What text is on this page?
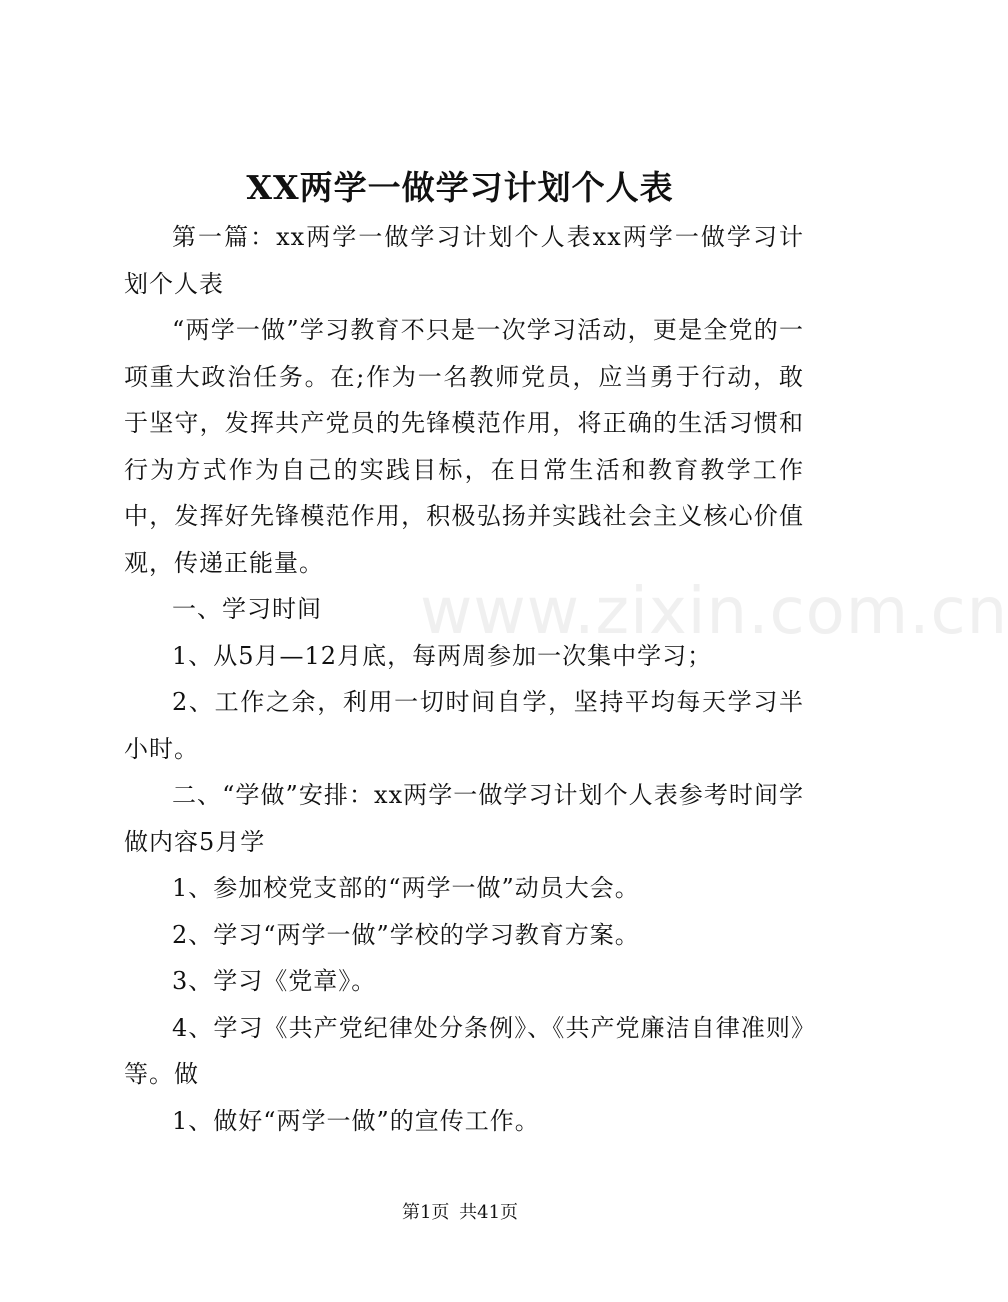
www.zixin.com.cn
XX两学一做学习计划个人表

第一篇：xx两学一做学习计划个人表xx两学一做学习计划个人表

“两学一做”学习教育不只是一次学习活动，更是全党的一项重大政治任务。在;作为一名教师党员，应当勇于行动，敢于坚守，发挥共产党员的先锋模范作用，将正确的生活习惯和行为方式作为自己的实践目标，在日常生活和教育教学工作中，发挥好先锋模范作用，积极弘扬并实践社会主义核心价值观，传递正能量。

一、学习时间

1、从5月—12月底，每两周参加一次集中学习；

2、工作之余，利用一切时间自学，坚持平均每天学习半小时。

二、“学做”安排：xx两学一做学习计划个人表参考时间学做内容5月学

1、参加校党支部的“两学一做”动员大会。

2、学习“两学一做”学校的学习教育方案。

3、学习《党章》。

4、学习《共产党纪律处分条例》、《共产党廉洁自律准则》等。做

1、做好“两学一做”的宣传工作。

第1页 共41页
